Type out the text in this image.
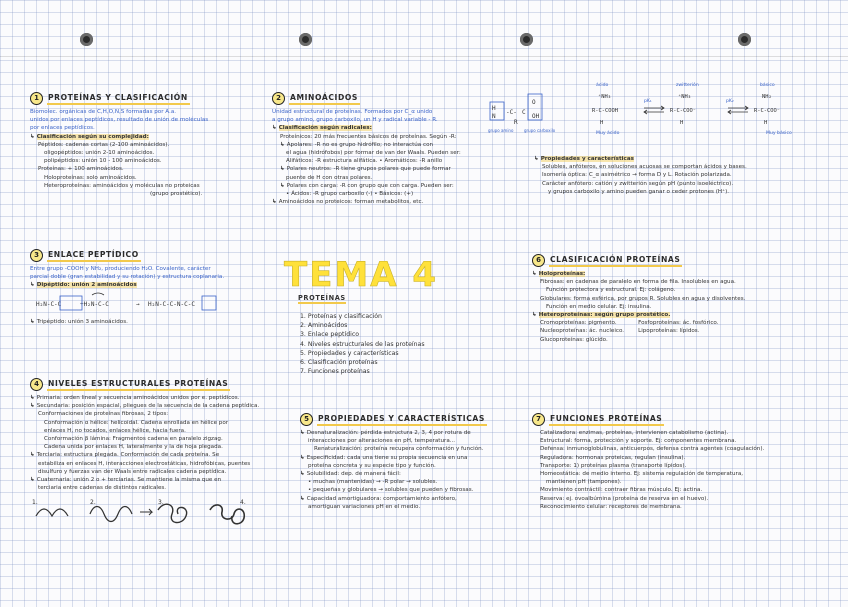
1	PROTEÍNAS Y CLASIFICACIÓN

Biomolec. orgánicas de C,H,O,N,S formadas por A.a.

unidos por enlaces peptídicos, resultado de unión de moléculas

por enlaces peptídicos.

↳ Clasificación según su complejidad:

Péptidos: cadenas cortas (2-100 aminoácidos).

oligopéptidos: unión 2-10 aminoácidos.

polipéptidos: unión 10 - 100 aminoácidos.

Proteínas: + 100 aminoácidos.

Holoproteínas: solo aminoácidos.

Heteroproteínas: aminoácidos y moléculas no proteicas

(grupo prostético).

3	ENLACE PEPTÍDICO

Entre grupo -COOH y NH₂, produciendo H₂O. Covalente, carácter

parcial doble (gran estabilidad y su rotación) y estructura coplanaria.

↳ Dipéptido: unión 2 aminoácidos

H₂N-C-C	+H₂N-C-C	→ H₂N-C-C-N-C-C

↳ Tripéptido: unión 3 aminoácidos.

4	NIVELES ESTRUCTURALES PROTEÍNAS

↳ Primaria: orden lineal y secuencia aminoácidos unidos por e. peptídicos.

↳ Secundaria: posición espacial, pliegues de la secuencia de la cadena peptídica.

Conformaciones de proteínas fibrosas, 2 tipos:

Conformación α hélice: helicoidal. Cadena enrollada en hélice por

enlaces H, no tocados, enlaces hélice, hacia fuera.

Conformación β lámina: Fragmentos cadena en paralelo zigzag.

Cadena unida por enlaces H, lateralmente y la de hoja plegada.

↳ Terciaria: estructura plegada. Conformación de cada proteína. Se

estabiliza en enlaces H, interacciones electrostáticas, hidrofóbicas, puentes

disulfuro y fuerzas van der Waals entre radicales cadena peptídica.

↳ Cuaternaria: unión 2 o + terciarias. Se mantiene la misma que en

terciaria entre cadenas de distintos radicales.

1.	2.	3.	4.
2	AMINOÁCIDOS

Unidad estructural de proteínas. Formados por C_α unido

a grupo amino, grupo carboxilo, un H y radical variable - R.

↳ Clasificación según radicales:

Proteínicos: 20 más frecuentes básicos de proteínas. Según -R:

↳ Apolares: -R no es grupo hidrófilo; no interactúa con

el agua (hidrófobos) por formar de van der Waals. Pueden ser:

Alifáticos: -R estructura alifática. • Aromáticos: -R anillo

↳ Polares neutros: -R tiene grupos polares que puede formar

puente de H con otras polares.

↳ Polares con carga: -R con grupo que con carga. Pueden ser:

• Ácidos: -R grupo carboxilo (-) • Básicos: (+)

↳ Aminoácidos no proteicos: forman metabolitos, etc.

H
N
-C- C
O
OH
R
grupo amino	grupo carboxilo
TEMA 4
PROTEÍNAS
1. Proteínas y clasificación
2. Aminoácidos
3. Enlace peptídico
4. Niveles estructurales de las proteínas
5. Propiedades y características
6. Clasificación proteínas
7. Funciones proteínas
5	PROPIEDADES Y CARACTERÍSTICAS

↳ Desnaturalización: pérdida estructura 2, 3, 4 por rotura de

interacciones por alteraciones en pH, temperatura...

Renaturalización: proteína recupera conformación y función.

↳ Especificidad: cada una tiene su propia secuencia en una

proteína concreta y su especie tipo y función.

↳ Solubilidad: dep. de manera fácil:

• muchas (mantenidas) → -R polar → solubles.

• pequeñas y globulares → solubles que pueden y fibrosas.

↳ Capacidad amortiguadora: comportamiento anfótero,

amortiguan variaciones pH en el medio.

ácido	zwitterión	básico
pK₁	pK₂
Muy ácido	Muy básico
⁺NH₃
R-C-COOH
H
⁺NH₃
R-C-COO⁻
H
NH₂
R-C-COO⁻
H

↳ Propiedades y características

Solubles, anfóteros, en soluciones acuosas se comportan ácidos y bases.

Isomería óptica: C_α asimétrico → forma D y L. Rotación polarizada.

Carácter anfótero: catión y zwitterión según pH (punto isoeléctrico).

y grupos carboxilo y amino pueden ganar o ceder protones (H⁺).

6	CLASIFICACIÓN PROTEÍNAS

↳ Holoproteínas:

Fibrosas: en cadenas de paralelo en forma de fila. Insolubles en agua.

Función protectora y estructural. Ej: colágeno.

Globulares: forma esférica, por grupos R. Solubles en agua y disolventes.

Función en medio celular. Ej: insulina.

↳ Heteroproteínas: según grupo prostético.

Cromoproteínas: pigmento.

Nucleoproteínas: ác. nucleico.

Glucoproteínas: glúcido.

Fosfoproteínas: ác. fosfórico.

Lipoproteínas: lípidos.

7	FUNCIONES PROTEÍNAS

Catalizadora: enzimas, proteínas, intervienen catabolismo (actina).

Estructural: forma, protección y soporte. Ej: componentes membrana.

Defensa: inmunoglobulinas, anticuerpos, defensa contra agentes (coagulación).

Reguladora: hormonas proteicas, regulan (insulina).

Transporte: 1) proteínas plasma (transporte lípidos).

Homeostática: de medio interno. Ej: sistema regulación de temperatura,

mantienen pH (tampones).

Movimiento contráctil: contraer fibras músculo. Ej: actina.

Reserva: ej. ovoalbúmina (proteína de reserva en el huevo).

Reconocimiento celular: receptores de membrana.
